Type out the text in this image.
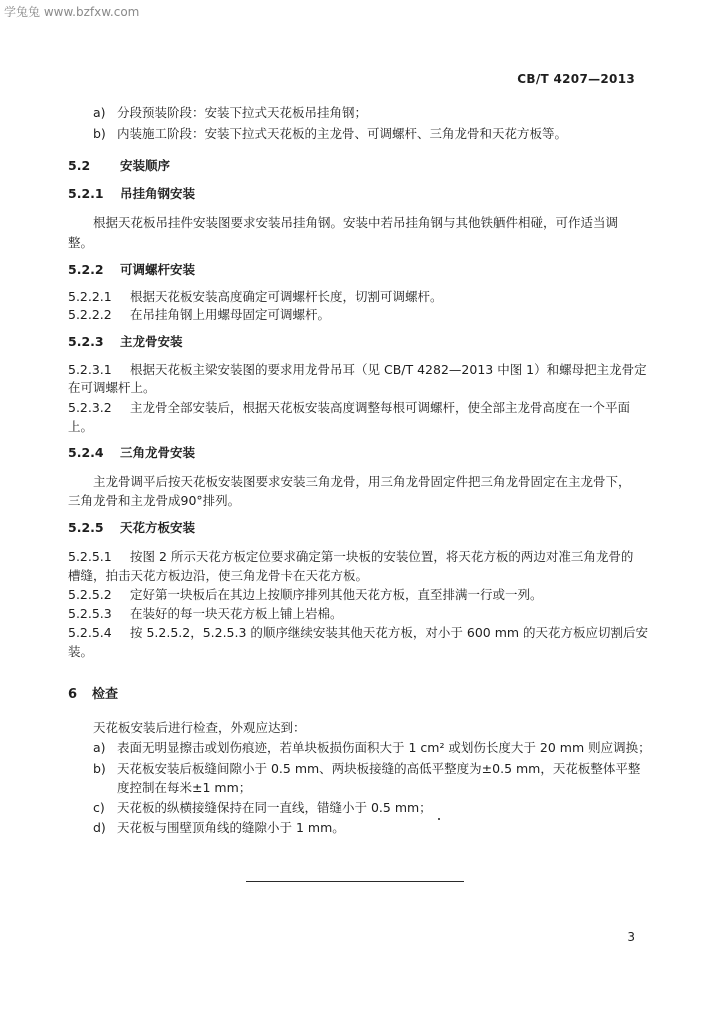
学兔兔 www.bzfxw.com
CB/T 4207—2013
a) 分段预装阶段：安装下拉式天花板吊挂角钢；
b) 内装施工阶段：安装下拉式天花板的主龙骨、可调螺杆、三角龙骨和天花方板等。
5.2 安装顺序
5.2.1 吊挂角钢安装
根据天花板吊挂件安装图要求安装吊挂角钢。安装中若吊挂角钢与其他铁舾件相碰，可作适当调
整。
5.2.2 可调螺杆安装
5.2.2.1 根据天花板安装高度确定可调螺杆长度，切割可调螺杆。
5.2.2.2 在吊挂角钢上用螺母固定可调螺杆。
5.2.3 主龙骨安装
5.2.3.1 根据天花板主梁安装图的要求用龙骨吊耳（见 CB/T 4282—2013 中图 1）和螺母把主龙骨定
在可调螺杆上。
5.2.3.2 主龙骨全部安装后，根据天花板安装高度调整每根可调螺杆，使全部主龙骨高度在一个平面
上。
5.2.4 三角龙骨安装
主龙骨调平后按天花板安装图要求安装三角龙骨，用三角龙骨固定件把三角龙骨固定在主龙骨下，
三角龙骨和主龙骨成90°排列。
5.2.5 天花方板安装
5.2.5.1 按图 2 所示天花方板定位要求确定第一块板的安装位置，将天花方板的两边对准三角龙骨的
槽缝，拍击天花方板边沿，使三角龙骨卡在天花方板。
5.2.5.2 定好第一块板后在其边上按顺序排列其他天花方板，直至排满一行或一列。
5.2.5.3 在装好的每一块天花方板上铺上岩棉。
5.2.5.4 按 5.2.5.2，5.2.5.3 的顺序继续安装其他天花方板，对小于 600 mm 的天花方板应切割后安
装。
6 检查
天花板安装后进行检查，外观应达到：
a) 表面无明显擦击或划伤痕迹，若单块板损伤面积大于 1 cm² 或划伤长度大于 20 mm 则应调换；
b) 天花板安装后板缝间隙小于 0.5 mm、两块板接缝的高低平整度为±0.5 mm，天花板整体平整
度控制在每米±1 mm；
c) 天花板的纵横接缝保持在同一直线，错缝小于 0.5 mm；
d) 天花板与围壁顶角线的缝隙小于 1 mm。
3
